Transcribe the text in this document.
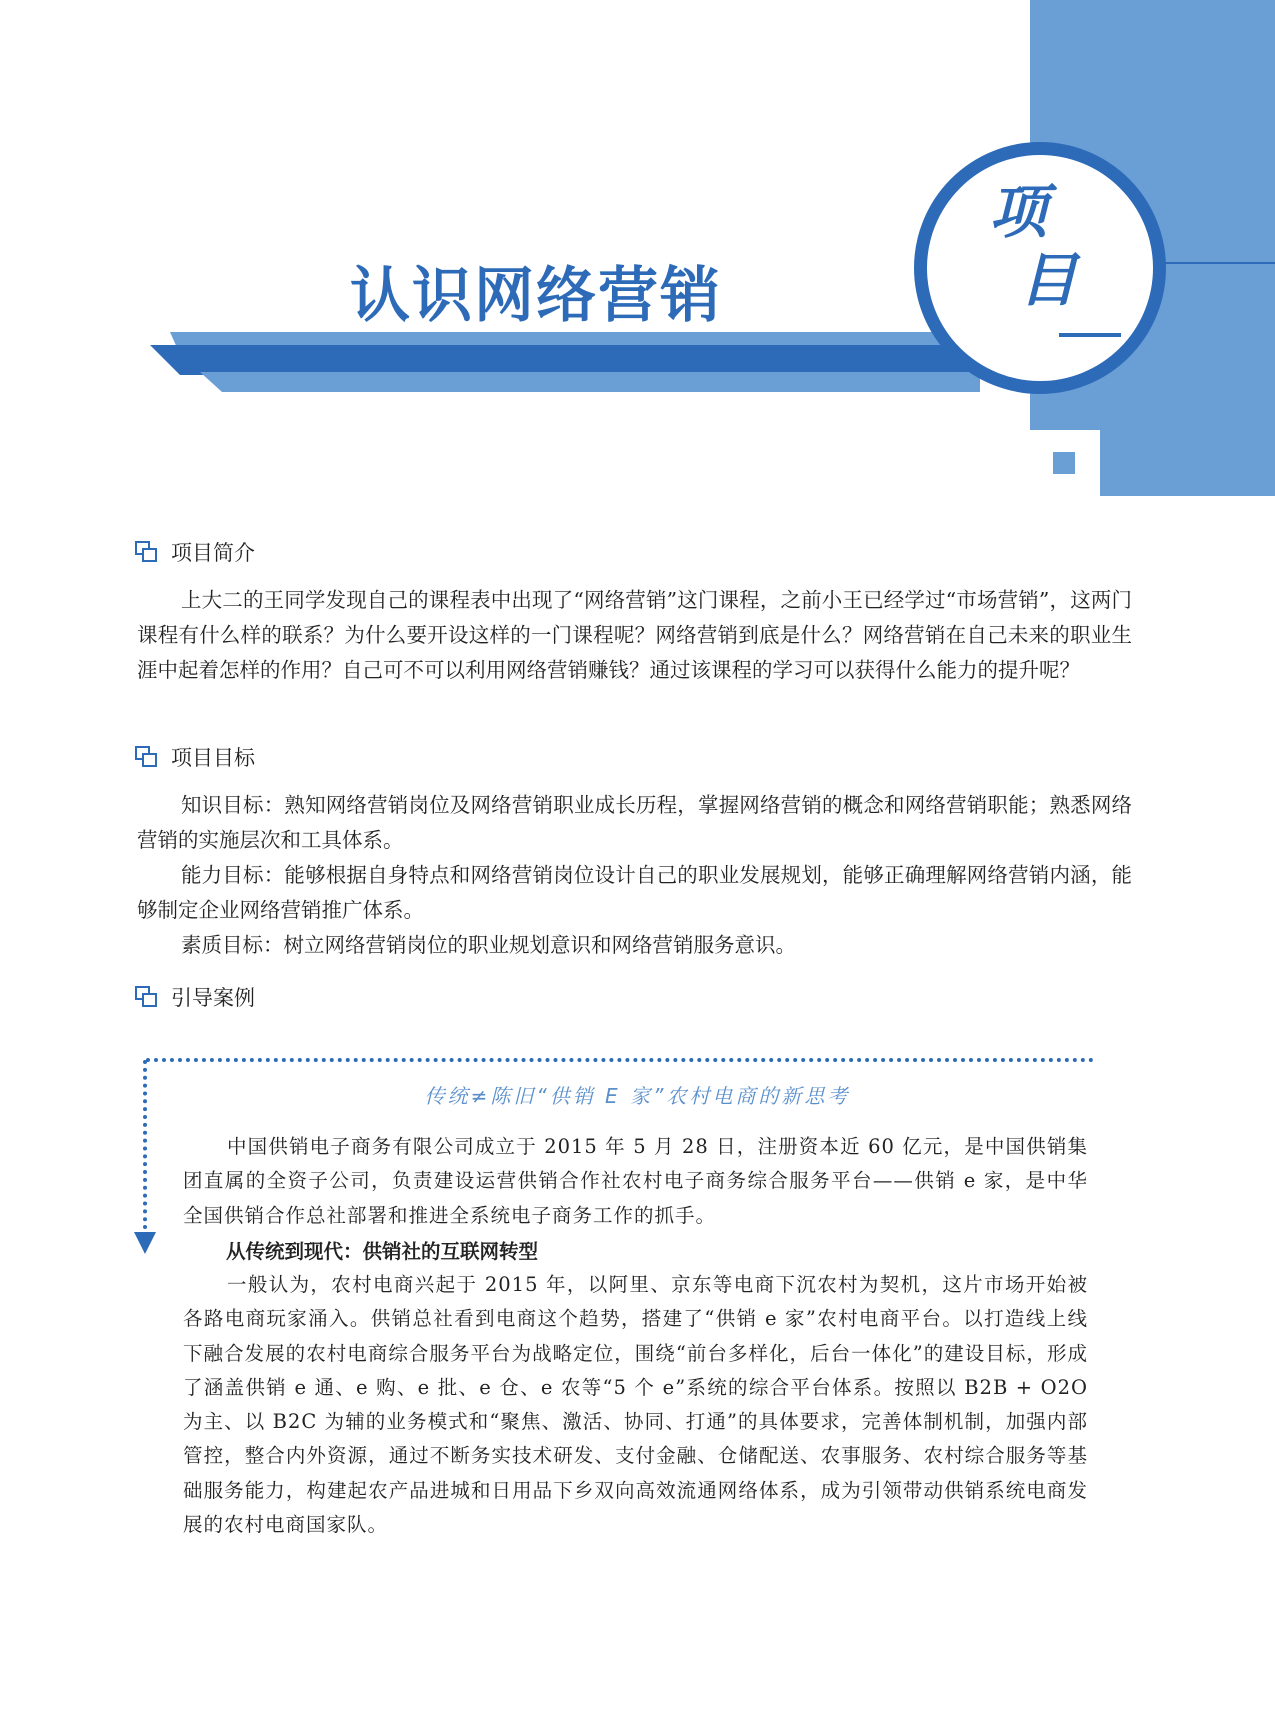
项
目
认识网络营销
项目简介

上大二的王同学发现自己的课程表中出现了“网络营销”这门课程，之前小王已经学过“市场营销”，这两门课程有什么样的联系？为什么要开设这样的一门课程呢？网络营销到底是什么？网络营销在自己未来的职业生涯中起着怎样的作用？自己可不可以利用网络营销赚钱？通过该课程的学习可以获得什么能力的提升呢？

项目目标

知识目标：熟知网络营销岗位及网络营销职业成长历程，掌握网络营销的概念和网络营销职能；熟悉网络营销的实施层次和工具体系。

能力目标：能够根据自身特点和网络营销岗位设计自己的职业发展规划，能够正确理解网络营销内涵，能够制定企业网络营销推广体系。

素质目标：树立网络营销岗位的职业规划意识和网络营销服务意识。

引导案例
传统≠陈旧“供销 E 家”农村电商的新思考

中国供销电子商务有限公司成立于 2015 年 5 月 28 日，注册资本近 60 亿元，是中国供销集团直属的全资子公司，负责建设运营供销合作社农村电子商务综合服务平台——供销 e 家，是中华全国供销合作总社部署和推进全系统电子商务工作的抓手。

从传统到现代：供销社的互联网转型

一般认为，农村电商兴起于 2015 年，以阿里、京东等电商下沉农村为契机，这片市场开始被各路电商玩家涌入。供销总社看到电商这个趋势，搭建了“供销 e 家”农村电商平台。以打造线上线下融合发展的农村电商综合服务平台为战略定位，围绕“前台多样化，后台一体化”的建设目标，形成了涵盖供销 e 通、e 购、e 批、e 仓、e 农等“5 个 e”系统的综合平台体系。按照以 B2B + O2O 为主、以 B2C 为辅的业务模式和“聚焦、激活、协同、打通”的具体要求，完善体制机制，加强内部管控，整合内外资源，通过不断务实技术研发、支付金融、仓储配送、农事服务、农村综合服务等基础服务能力，构建起农产品进城和日用品下乡双向高效流通网络体系，成为引领带动供销系统电商发展的农村电商国家队。
